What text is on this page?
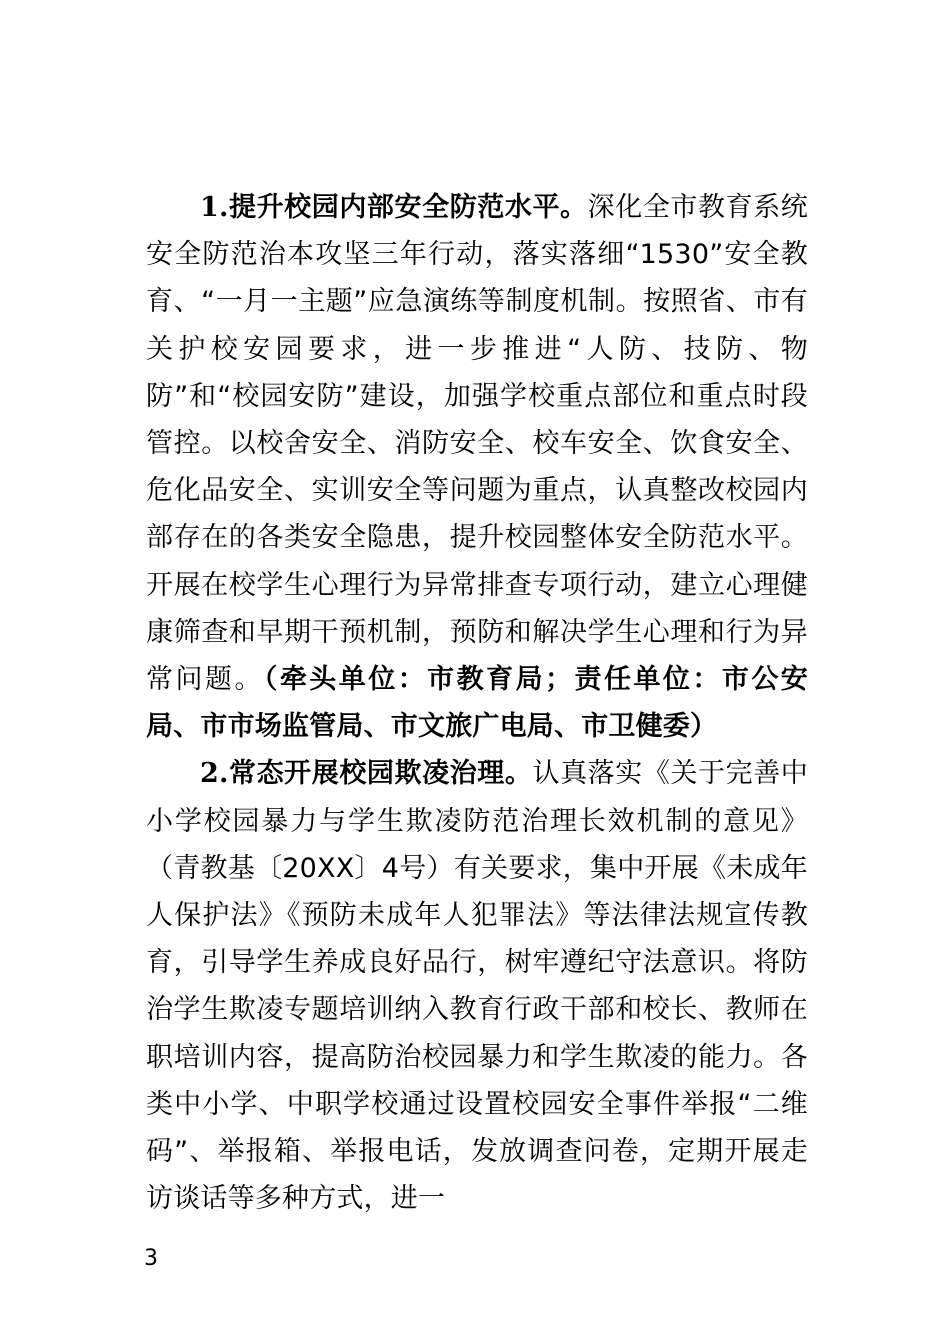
1.提升校园内部安全防范水平。深化全市教育系统安全防范治本攻坚三年行动，落实落细“1530”安全教育、“一月一主题”应急演练等制度机制。按照省、市有关护校安园要求，进一步推进“人防、技防、物防”和“校园安防”建设，加强学校重点部位和重点时段管控。以校舍安全、消防安全、校车安全、饮食安全、危化品安全、实训安全等问题为重点，认真整改校园内部存在的各类安全隐患，提升校园整体安全防范水平。开展在校学生心理行为异常排查专项行动，建立心理健康筛查和早期干预机制，预防和解决学生心理和行为异常问题。（牵头单位：市教育局；责任单位：市公安局、市市场监管局、市文旅广电局、市卫健委）

2.常态开展校园欺凌治理。认真落实《关于完善中小学校园暴力与学生欺凌防范治理长效机制的意见》（青教基〔20XX〕4号）有关要求，集中开展《未成年人保护法》《预防未成年人犯罪法》等法律法规宣传教育，引导学生养成良好品行，树牢遵纪守法意识。将防治学生欺凌专题培训纳入教育行政干部和校长、教师在职培训内容，提高防治校园暴力和学生欺凌的能力。各类中小学、中职学校通过设置校园安全事件举报“二维码”、举报箱、举报电话，发放调查问卷，定期开展走访谈话等多种方式，进一

3
